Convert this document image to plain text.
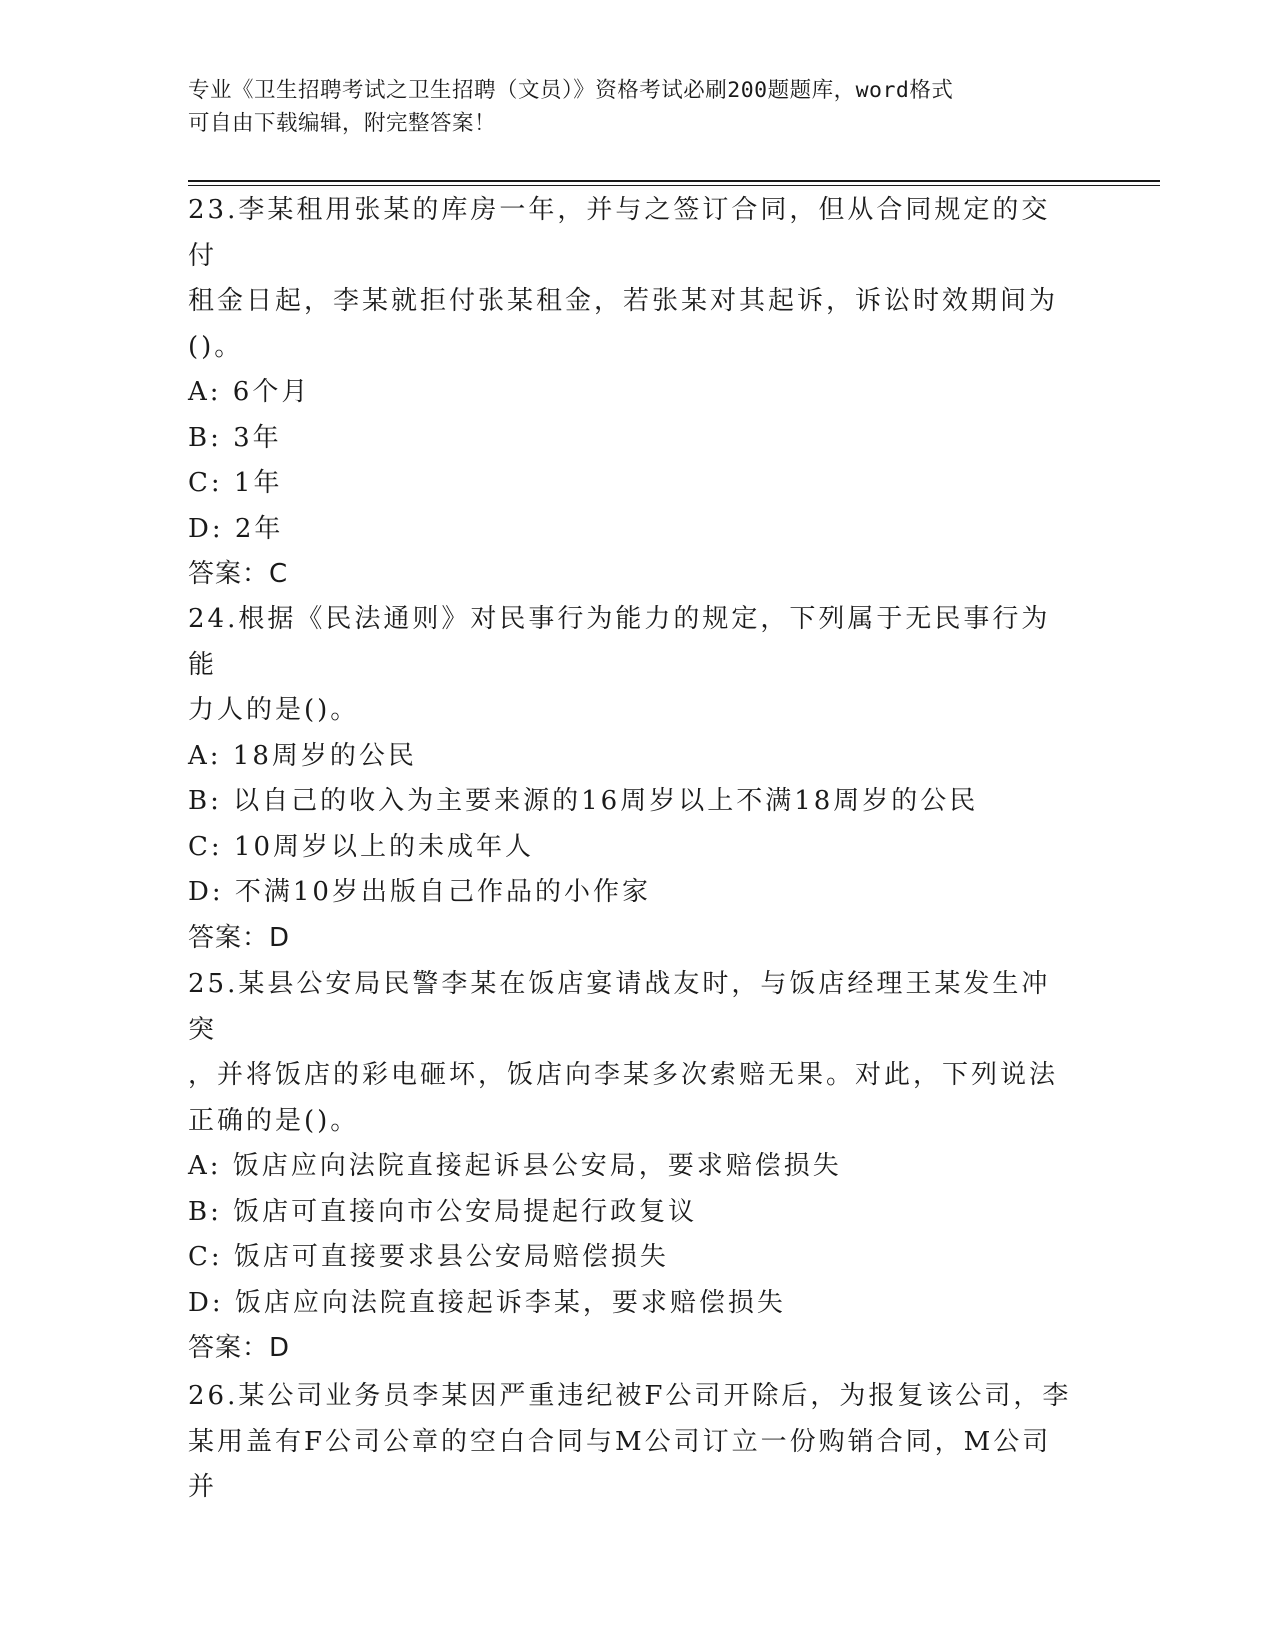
专业《卫生招聘考试之卫生招聘（文员）》资格考试必刷200题题库，word格式
可自由下载编辑，附完整答案！
23.李某租用张某的库房一年，并与之签订合同，但从合同规定的交付
租金日起，李某就拒付张某租金，若张某对其起诉，诉讼时效期间为
()。
A: 6个月
B: 3年
C: 1年
D: 2年
答案：C
24.根据《民法通则》对民事行为能力的规定，下列属于无民事行为能
力人的是()。
A: 18周岁的公民
B: 以自己的收入为主要来源的16周岁以上不满18周岁的公民
C: 10周岁以上的未成年人
D: 不满10岁出版自己作品的小作家
答案：D
25.某县公安局民警李某在饭店宴请战友时，与饭店经理王某发生冲突
，并将饭店的彩电砸坏，饭店向李某多次索赔无果。对此，下列说法
正确的是()。
A: 饭店应向法院直接起诉县公安局，要求赔偿损失
B: 饭店可直接向市公安局提起行政复议
C: 饭店可直接要求县公安局赔偿损失
D: 饭店应向法院直接起诉李某，要求赔偿损失
答案：D
26.某公司业务员李某因严重违纪被F公司开除后，为报复该公司，李
某用盖有F公司公章的空白合同与M公司订立一份购销合同，M公司并
